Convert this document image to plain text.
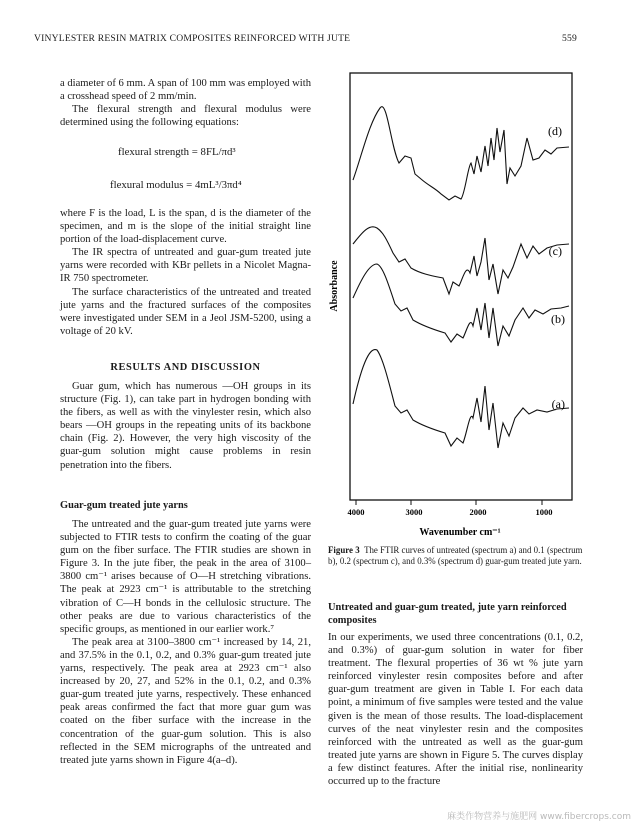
VINYLESTER RESIN MATRIX COMPOSITES REINFORCED WITH JUTE	559

a diameter of 6 mm. A span of 100 mm was employed with a crosshead speed of 2 mm/min.

The flexural strength and flexural modulus were determined using the following equations:

flexural strength = 8FL/πd³
flexural modulus = 4mL³/3πd⁴

where F is the load, L is the span, d is the diameter of the specimen, and m is the slope of the initial straight line portion of the load-displacement curve.

The IR spectra of untreated and guar-gum treated jute yarns were recorded with KBr pellets in a Nicolet Magna-IR 750 spectrometer.

The surface characteristics of the untreated and treated jute yarns and the fractured surfaces of the composites were investigated under SEM in a Jeol JSM-5200, using a voltage of 20 kV.

RESULTS AND DISCUSSION

Guar gum, which has numerous —OH groups in its structure (Fig. 1), can take part in hydrogen bonding with the fibers, as well as with the vinylester resin, which also bears —OH groups in the repeating units of its backbone chain (Fig. 2). However, the very high viscosity of the guar-gum solution might cause problems in resin penetration into the fibers.

Guar-gum treated jute yarns

The untreated and the guar-gum treated jute yarns were subjected to FTIR tests to confirm the coating of the guar gum on the fiber surface. The FTIR studies are shown in Figure 3. In the jute fiber, the peak in the area of 3100–3800 cm⁻¹ arises because of O—H stretching vibrations. The peak at 2923 cm⁻¹ is attributable to the stretching vibration of C—H bonds in the cellulosic structure. The other peaks are due to various characteristics of the specific groups, as mentioned in our earlier work.⁷

The peak area at 3100–3800 cm⁻¹ increased by 14, 21, and 37.5% in the 0.1, 0.2, and 0.3% guar-gum treated jute yarns, respectively. The peak area at 2923 cm⁻¹ also increased by 20, 27, and 52% in the 0.1, 0.2, and 0.3% guar-gum treated jute yarns, respectively. These enhanced peak areas confirmed the fact that more guar gum was coated on the fiber surface with the increase in the concentration of the guar-gum solution. This is also reflected in the SEM micrographs of the untreated and treated jute yarns shown in Figure 4(a–d).

Absorbance
4000	3000	2000	1000
Wavenumber cm⁻¹
(d)
(c)
(b)
(a)
Figure 3 The FTIR curves of untreated (spectrum a) and 0.1 (spectrum b), 0.2 (spectrum c), and 0.3% (spectrum d) guar-gum treated jute yarn.
Untreated and guar-gum treated, jute yarn reinforced composites

In our experiments, we used three concentrations (0.1, 0.2, and 0.3%) of guar-gum solution in water for fiber treatment. The flexural properties of 36 wt % jute yarn reinforced vinylester resin composites before and after guar-gum treatment are given in Table I. For each data point, a minimum of five samples were tested and the value given is the mean of those results. The load-displacement curves of the neat vinylester resin and the composites reinforced with the untreated as well as the guar-gum treated jute yarns are shown in Figure 5. The curves display a few distinct features. After the initial rise, nonlinearity occurred up to the fracture

麻类作物营养与施肥网 www.fibercrops.com
